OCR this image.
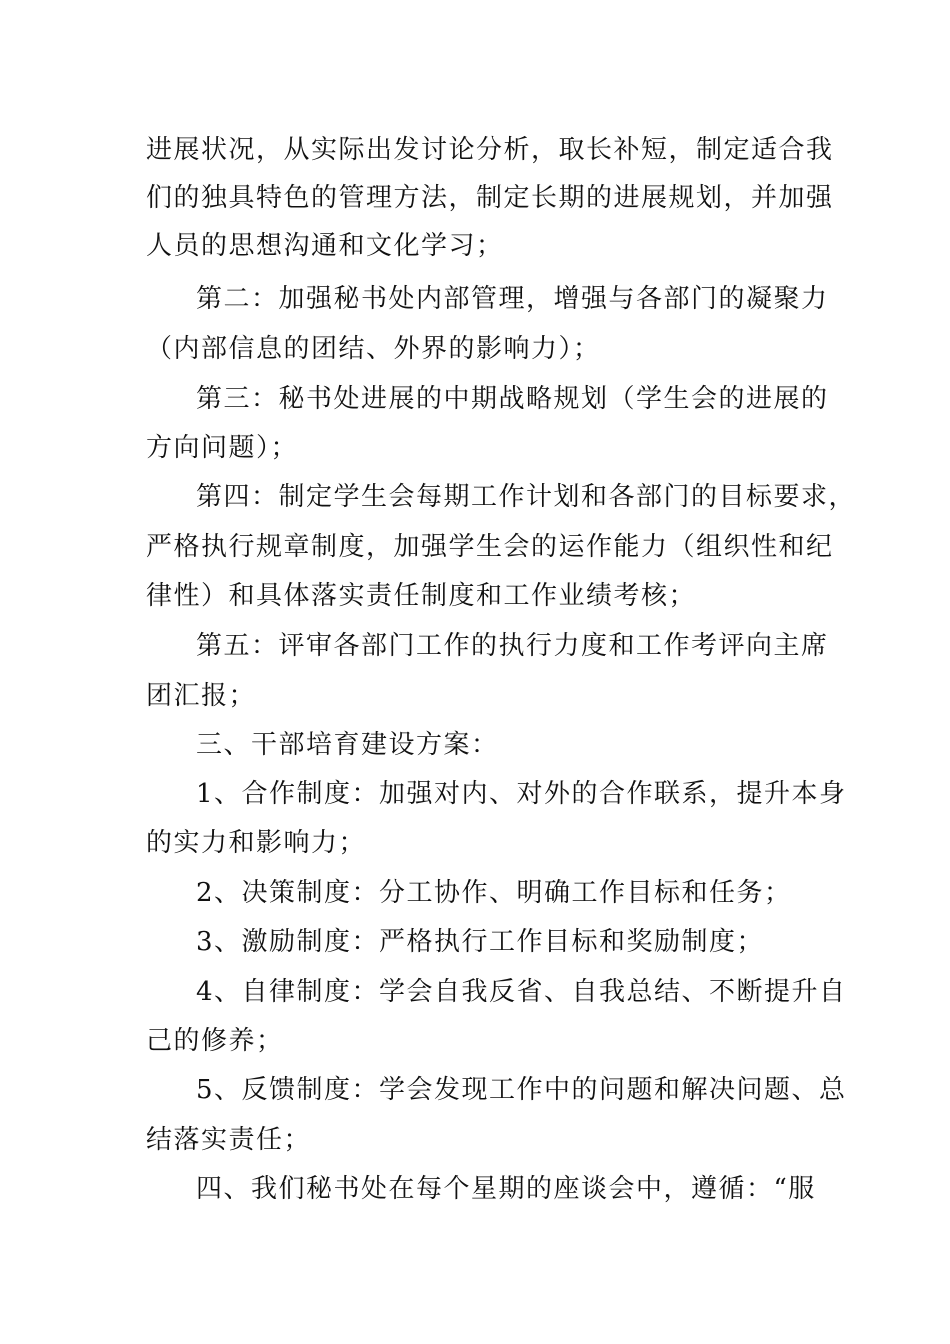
进展状况，从实际出发讨论分析，取长补短，制定适合我
们的独具特色的管理方法，制定长期的进展规划，并加强
人员的思想沟通和文化学习；
第二：加强秘书处内部管理，增强与各部门的凝聚力
（内部信息的团结、外界的影响力）；
第三：秘书处进展的中期战略规划（学生会的进展的
方向问题）；
第四：制定学生会每期工作计划和各部门的目标要求，
严格执行规章制度，加强学生会的运作能力（组织性和纪
律性）和具体落实责任制度和工作业绩考核；
第五：评审各部门工作的执行力度和工作考评向主席
团汇报；
三、干部培育建设方案：
1、合作制度：加强对内、对外的合作联系，提升本身
的实力和影响力；
2、决策制度：分工协作、明确工作目标和任务；
3、激励制度：严格执行工作目标和奖励制度；
4、自律制度：学会自我反省、自我总结、不断提升自
己的修养；
5、反馈制度：学会发现工作中的问题和解决问题、总
结落实责任；
四、我们秘书处在每个星期的座谈会中，遵循：“服
